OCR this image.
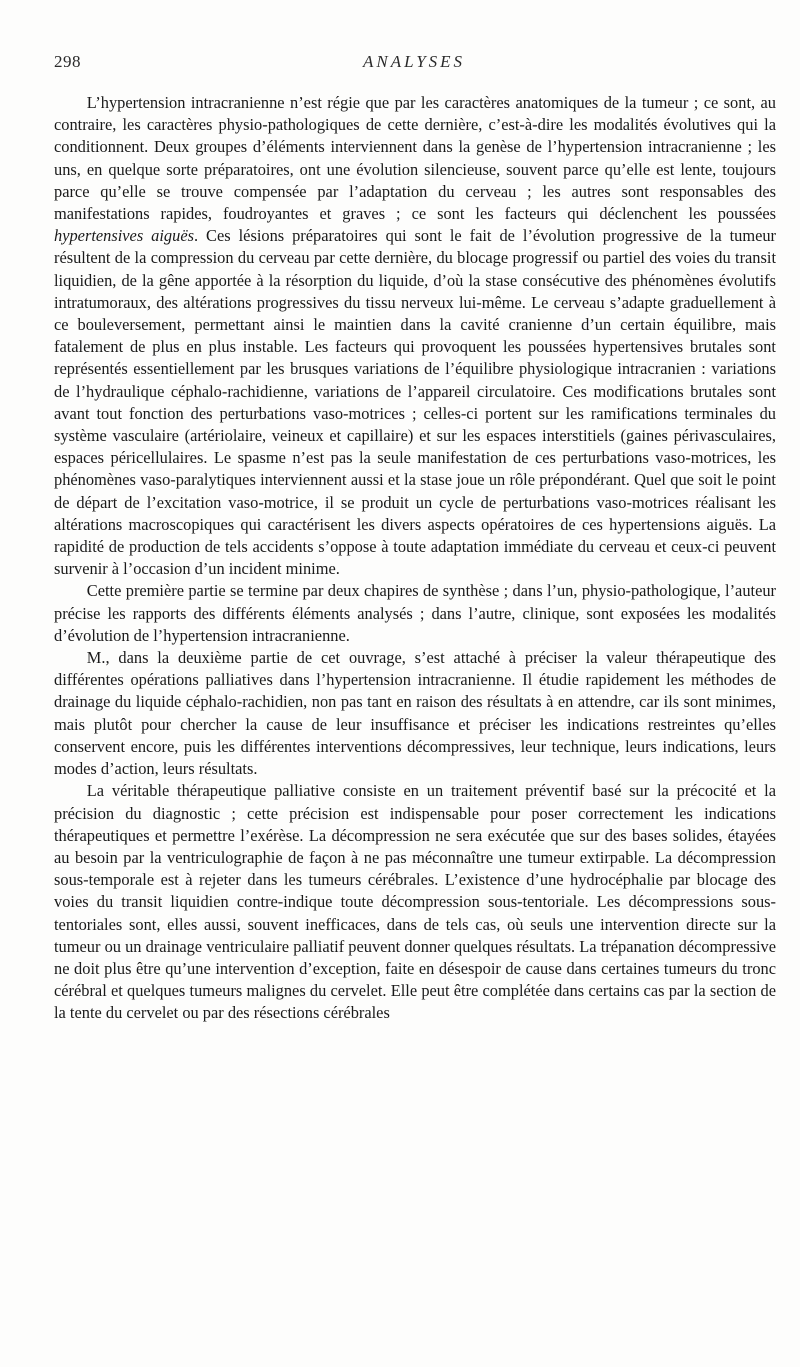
298	ANALYSES

L’hypertension intracranienne n’est régie que par les caractères anatomiques de la tumeur ; ce sont, au contraire, les caractères physio-pathologiques de cette dernière, c’est-à-dire les modalités évolutives qui la conditionnent. Deux groupes d’éléments interviennent dans la genèse de l’hypertension intracranienne ; les uns, en quelque sorte préparatoires, ont une évolution silencieuse, souvent parce qu’elle est lente, toujours parce qu’elle se trouve compensée par l’adaptation du cerveau ; les autres sont responsables des manifestations rapides, foudroyantes et graves ; ce sont les facteurs qui déclenchent les poussées hypertensives aiguës. Ces lésions préparatoires qui sont le fait de l’évolution progressive de la tumeur résultent de la compression du cerveau par cette dernière, du blocage progressif ou partiel des voies du transit liquidien, de la gêne apportée à la résorption du liquide, d’où la stase consécutive des phénomènes évolutifs intratumoraux, des altérations progressives du tissu nerveux lui-même. Le cerveau s’adapte graduellement à ce bouleversement, permettant ainsi le maintien dans la cavité cranienne d’un certain équilibre, mais fatalement de plus en plus instable. Les facteurs qui provoquent les poussées hypertensives brutales sont représentés essentiellement par les brusques variations de l’équilibre physiologique intracranien : variations de l’hydraulique céphalo-rachidienne, variations de l’appareil circulatoire. Ces modifications brutales sont avant tout fonction des perturbations vaso-motrices ; celles-ci portent sur les ramifications terminales du système vasculaire (artériolaire, veineux et capillaire) et sur les espaces interstitiels (gaines périvasculaires, espaces péricellulaires. Le spasme n’est pas la seule manifestation de ces perturbations vaso-motrices, les phénomènes vaso-paralytiques interviennent aussi et la stase joue un rôle prépondérant. Quel que soit le point de départ de l’excitation vaso-motrice, il se produit un cycle de perturbations vaso-motrices réalisant les altérations macroscopiques qui caractérisent les divers aspects opératoires de ces hypertensions aiguës. La rapidité de production de tels accidents s’oppose à toute adaptation immédiate du cerveau et ceux-ci peuvent survenir à l’occasion d’un incident minime.

Cette première partie se termine par deux chapires de synthèse ; dans l’un, physio-pathologique, l’auteur précise les rapports des différents éléments analysés ; dans l’autre, clinique, sont exposées les modalités d’évolution de l’hypertension intracranienne.

M., dans la deuxième partie de cet ouvrage, s’est attaché à préciser la valeur thérapeutique des différentes opérations palliatives dans l’hypertension intracranienne. Il étudie rapidement les méthodes de drainage du liquide céphalo-rachidien, non pas tant en raison des résultats à en attendre, car ils sont minimes, mais plutôt pour chercher la cause de leur insuffisance et préciser les indications restreintes qu’elles conservent encore, puis les différentes interventions décompressives, leur technique, leurs indications, leurs modes d’action, leurs résultats.

La véritable thérapeutique palliative consiste en un traitement préventif basé sur la précocité et la précision du diagnostic ; cette précision est indispensable pour poser correctement les indications thérapeutiques et permettre l’exérèse. La décompression ne sera exécutée que sur des bases solides, étayées au besoin par la ventriculographie de façon à ne pas méconnaître une tumeur extirpable. La décompression sous-temporale est à rejeter dans les tumeurs cérébrales. L’existence d’une hydrocéphalie par blocage des voies du transit liquidien contre-indique toute décompression sous-tentoriale. Les décompressions sous-tentoriales sont, elles aussi, souvent inefficaces, dans de tels cas, où seuls une intervention directe sur la tumeur ou un drainage ventriculaire palliatif peuvent donner quelques résultats. La trépanation décompressive ne doit plus être qu’une intervention d’exception, faite en désespoir de cause dans certaines tumeurs du tronc cérébral et quelques tumeurs malignes du cervelet. Elle peut être complétée dans certains cas par la section de la tente du cervelet ou par des résections cérébrales
